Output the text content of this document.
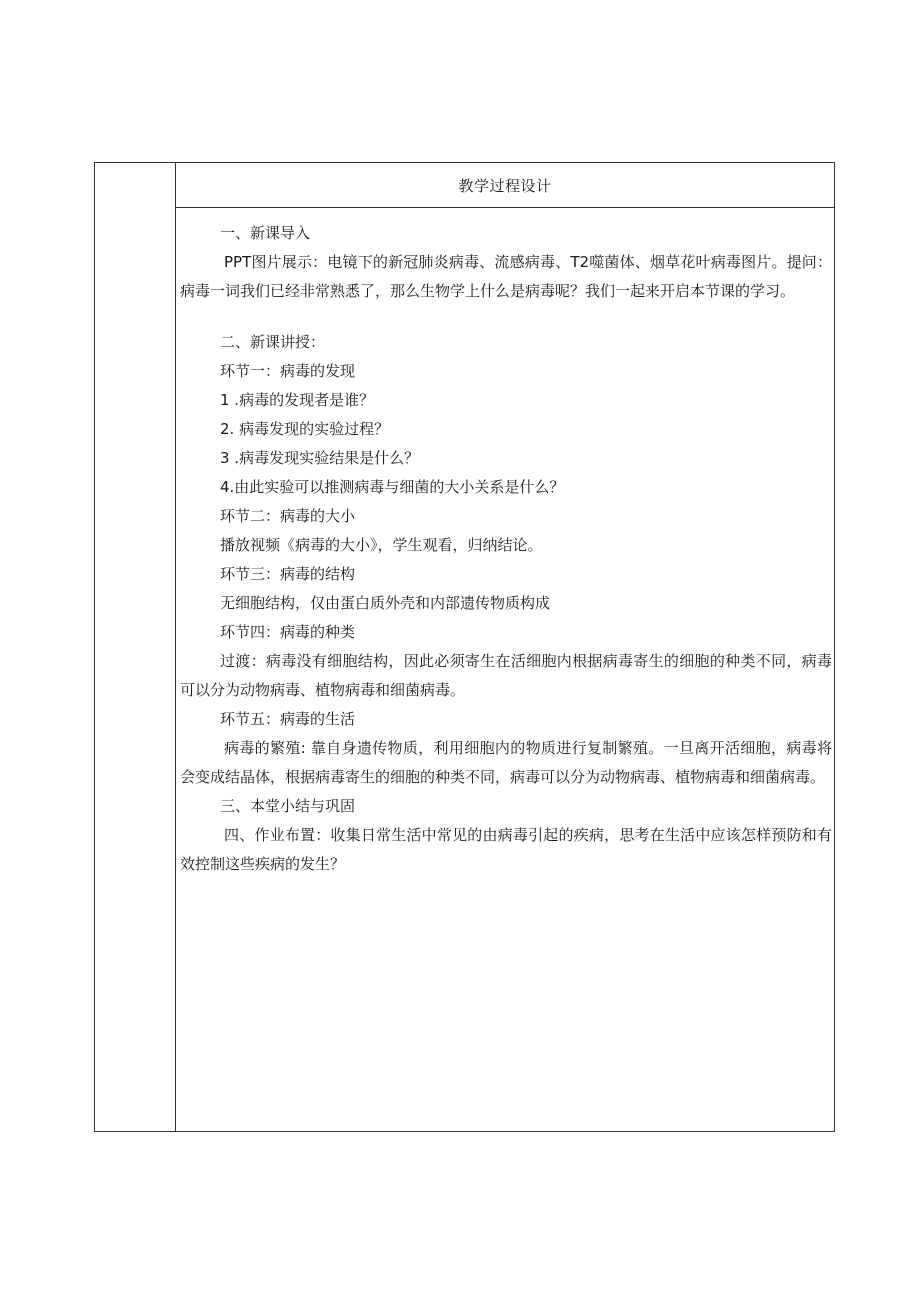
教学过程设计

一、新课导入

PPT图片展示：电镜下的新冠肺炎病毒、流感病毒、T2噬菌体、烟草花叶病毒图片。提问：病毒一词我们已经非常熟悉了，那么生物学上什么是病毒呢？我们一起来开启本节课的学习。

二、新课讲授：

环节一：病毒的发现

1 .病毒的发现者是谁？

2. 病毒发现的实验过程？

3 .病毒发现实验结果是什么？

4.由此实验可以推测病毒与细菌的大小关系是什么？

环节二：病毒的大小

播放视频《病毒的大小》，学生观看，归纳结论。

环节三：病毒的结构

无细胞结构，仅由蛋白质外壳和内部遗传物质构成

环节四：病毒的种类

过渡：病毒没有细胞结构，因此必须寄生在活细胞内根据病毒寄生的细胞的种类不同，病毒可以分为动物病毒、植物病毒和细菌病毒。

环节五：病毒的生活

病毒的繁殖: 靠自身遗传物质，利用细胞内的物质进行复制繁殖。一旦离开活细胞，病毒将会变成结晶体，根据病毒寄生的细胞的种类不同，病毒可以分为动物病毒、植物病毒和细菌病毒。

三、本堂小结与巩固

四、作业布置：收集日常生活中常见的由病毒引起的疾病，思考在生活中应该怎样预防和有效控制这些疾病的发生？
